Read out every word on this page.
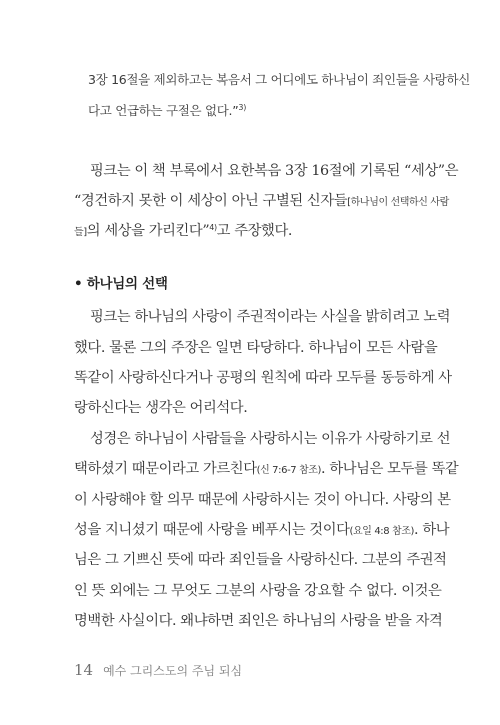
3장 16절을 제외하고는 복음서 그 어디에도 하나님이 죄인들을 사랑하신
다고 언급하는 구절은 없다.”$^{3)}$
핑크는 이 책 부록에서 요한복음 3장 16절에 기록된 “세상”은
“경건하지 못한 이 세상이 아닌 구별된 신자들[하나님이 선택하신 사람
들]의 세상을 가리킨다”$^{4)}$고 주장했다.
• 하나님의 선택
핑크는 하나님의 사랑이 주권적이라는 사실을 밝히려고 노력
했다. 물론 그의 주장은 일면 타당하다. 하나님이 모든 사람을
똑같이 사랑하신다거나 공평의 원칙에 따라 모두를 동등하게 사
랑하신다는 생각은 어리석다.
성경은 하나님이 사람들을 사랑하시는 이유가 사랑하기로 선
택하셨기 때문이라고 가르친다(신 7:6-7 참조). 하나님은 모두를 똑같
이 사랑해야 할 의무 때문에 사랑하시는 것이 아니다. 사랑의 본
성을 지니셨기 때문에 사랑을 베푸시는 것이다(요일 4:8 참조). 하나
님은 그 기쁘신 뜻에 따라 죄인들을 사랑하신다. 그분의 주권적
인 뜻 외에는 그 무엇도 그분의 사랑을 강요할 수 없다. 이것은
명백한 사실이다. 왜냐하면 죄인은 하나님의 사랑을 받을 자격
14 예수 그리스도의 주님 되심
